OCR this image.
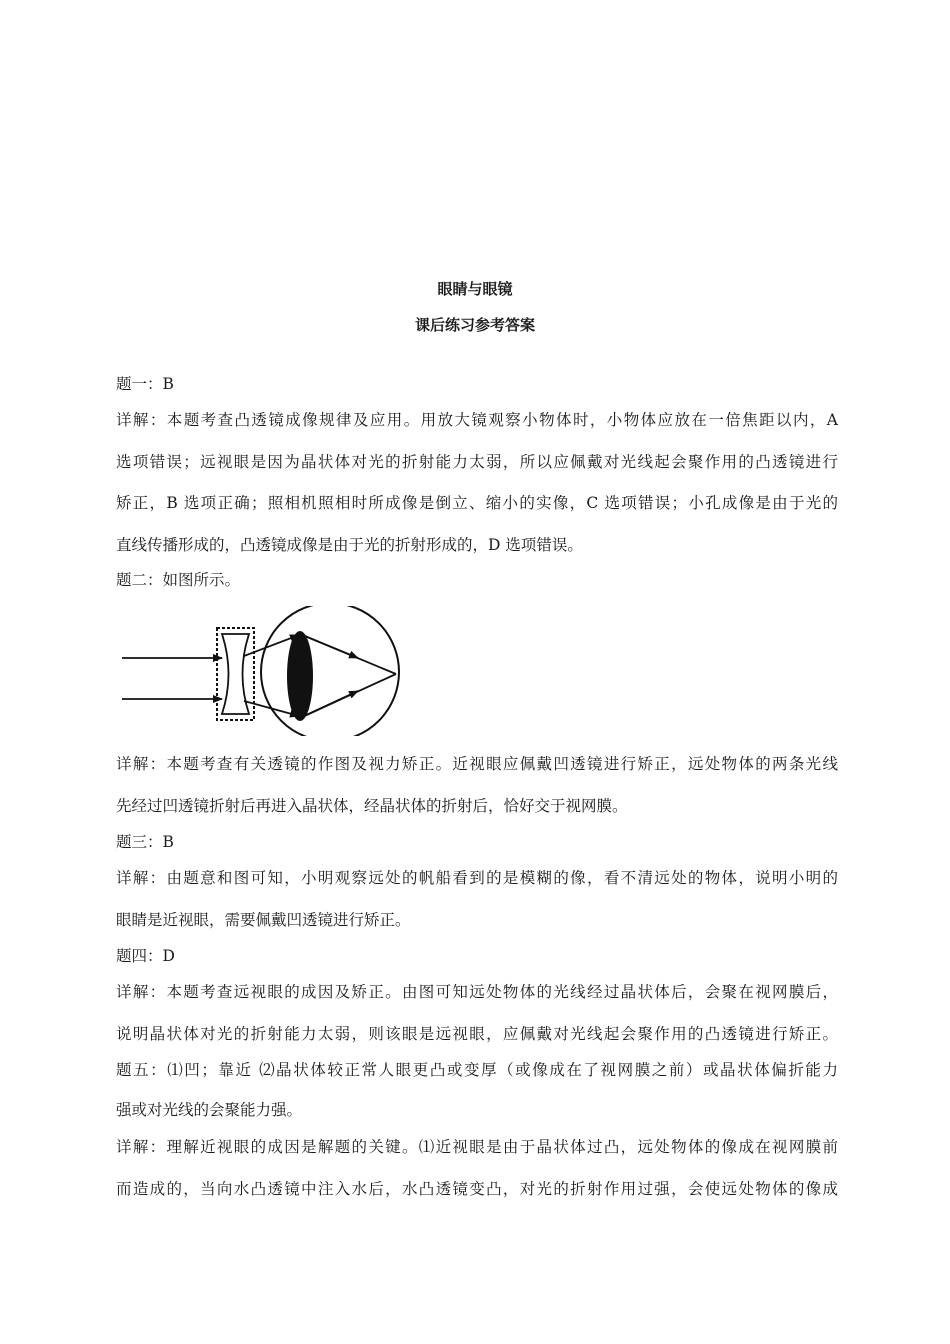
眼睛与眼镜
课后练习参考答案
题一：B
详解：本题考查凸透镜成像规律及应用。用放大镜观察小物体时，小物体应放在一倍焦距以内，A
选项错误；远视眼是因为晶状体对光的折射能力太弱，所以应佩戴对光线起会聚作用的凸透镜进行
矫正，B 选项正确；照相机照相时所成像是倒立、缩小的实像，C 选项错误；小孔成像是由于光的
直线传播形成的，凸透镜成像是由于光的折射形成的，D 选项错误。
题二：如图所示。
详解：本题考查有关透镜的作图及视力矫正。近视眼应佩戴凹透镜进行矫正，远处物体的两条光线
先经过凹透镜折射后再进入晶状体，经晶状体的折射后，恰好交于视网膜。
题三：B
详解：由题意和图可知，小明观察远处的帆船看到的是模糊的像，看不清远处的物体，说明小明的
眼睛是近视眼，需要佩戴凹透镜进行矫正。
题四：D
详解：本题考查远视眼的成因及矫正。由图可知远处物体的光线经过晶状体后，会聚在视网膜后，
说明晶状体对光的折射能力太弱，则该眼是远视眼，应佩戴对光线起会聚作用的凸透镜进行矫正。
题五：⑴凹；靠近 ⑵晶状体较正常人眼更凸或变厚（或像成在了视网膜之前）或晶状体偏折能力
强或对光线的会聚能力强。
详解：理解近视眼的成因是解题的关键。⑴近视眼是由于晶状体过凸，远处物体的像成在视网膜前
而造成的，当向水凸透镜中注入水后，水凸透镜变凸，对光的折射作用过强，会使远处物体的像成
